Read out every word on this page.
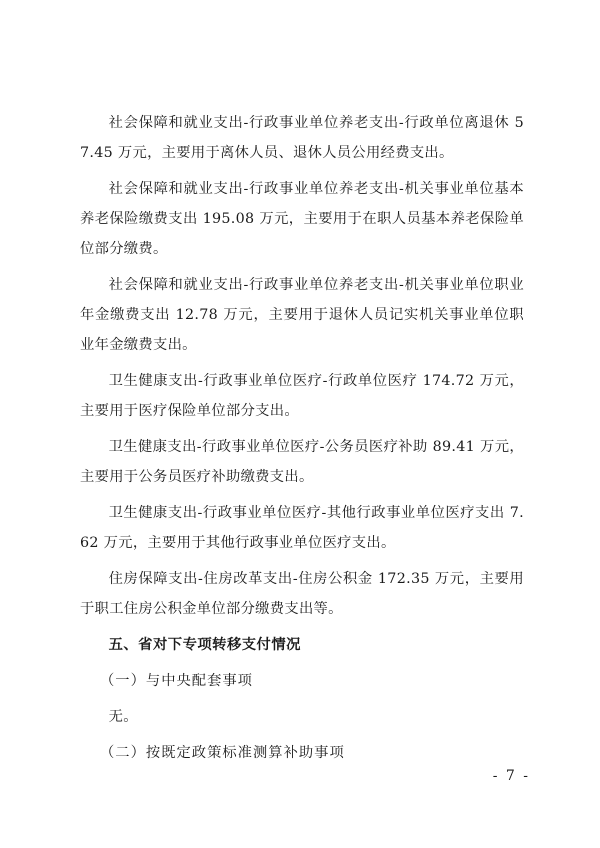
社会保障和就业支出-行政事业单位养老支出-行政单位离退休 57.45 万元，主要用于离休人员、退休人员公用经费支出。

社会保障和就业支出-行政事业单位养老支出-机关事业单位基本养老保险缴费支出 195.08 万元，主要用于在职人员基本养老保险单位部分缴费。

社会保障和就业支出-行政事业单位养老支出-机关事业单位职业年金缴费支出 12.78 万元，主要用于退休人员记实机关事业单位职业年金缴费支出。

卫生健康支出-行政事业单位医疗-行政单位医疗 174.72 万元，主要用于医疗保险单位部分支出。

卫生健康支出-行政事业单位医疗-公务员医疗补助 89.41 万元，主要用于公务员医疗补助缴费支出。

卫生健康支出-行政事业单位医疗-其他行政事业单位医疗支出 7.62 万元，主要用于其他行政事业单位医疗支出。

住房保障支出-住房改革支出-住房公积金 172.35 万元，主要用于职工住房公积金单位部分缴费支出等。

五、省对下专项转移支付情况

（一）与中央配套事项

无。

（二）按既定政策标准测算补助事项

- 7 -
